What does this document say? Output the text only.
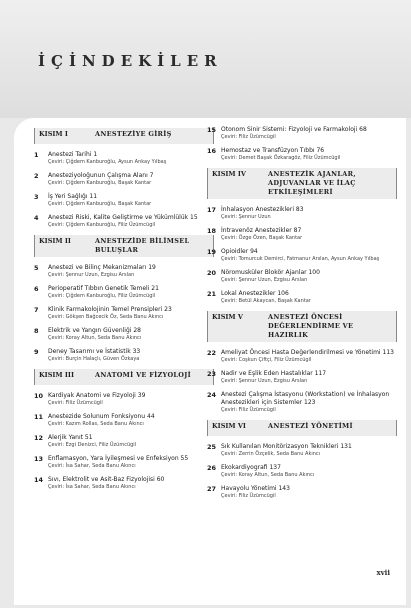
İÇİNDEKİLER
KISIM I	ANESTEZİYE GİRİŞ
1	Anestezi Tarihi 1
Çeviri: Çiğdem Kanburoğlu, Aysun Ankay Yılbaş
2	Anesteziyoloğunun Çalışma Alanı 7
Çeviri: Çiğdem Kanburoğlu, Başak Kantar
3	İş Yeri Sağlığı 11
Çeviri: Çiğdem Kanburoğlu, Başak Kantar
4	Anestezi Riski, Kalite Geliştirme ve Yükümlülük 15
Çeviri: Çiğdem Kanburoğlu, Filiz Üzümcügil
KISIM II	ANESTEZİDE BİLİMSEL BULUŞLAR
5	Anestezi ve Bilinç Mekanizmaları 19
Çeviri: Şennur Uzun, Ezgisu Arslan
6	Perioperatif Tıbbın Genetik Temeli 21
Çeviri: Çiğdem Kanburoğlu, Filiz Üzümcügil
7	Klinik Farmakolojinin Temel Prensipleri 23
Çeviri: Gökşen Bağcecik Öz, Seda Banu Akıncı
8	Elektrik ve Yangın Güvenliği 28
Çeviri: Koray Altun, Seda Banu Akıncı
9	Deney Tasarımı ve İstatistik 33
Çeviri: Burçin Halaçlı, Güven Özkaya
KISIM III	ANATOMİ VE FİZYOLOJİ
10 Kardiyak Anatomi ve Fizyoloji 39
Çeviri: Filiz Üzümcügil
11 Anestezide Solunum Fonksiyonu 44
Çeviri: Kazım Rollas, Seda Banu Akıncı
12 Alerjik Yanıt 51
Çeviri: Ezgi Denizci, Filiz Üzümcügil
13 Enflamasyon, Yara İyileşmesi ve Enfeksiyon 55
Çeviri: İsa Sahar, Seda Banu Akıncı
14 Sıvı, Elektrolit ve Asit-Baz Fizyolojisi 60
Çeviri: İsa Sahar, Seda Banu Akıncı
15 Otonom Sinir Sistemi: Fizyoloji ve Farmakoloji 68
Çeviri: Filiz Üzümcügil
16 Hemostaz ve Transfüzyon Tıbbı 76
Çeviri: Demet Başak Özkaragöz, Filiz Üzümcügil
KISIM IV	ANESTEZİK AJANLAR, ADJUVANLAR VE İLAÇ ETKİLEŞİMLERİ
17 İnhalasyon Anestezikleri 83
Çeviri: Şennur Uzun
18 İntravenöz Anestezikler 87
Çeviri: Özge Özen, Başak Kantar
19 Opioidler 94
Çeviri: Tomurcuk Demirci, Fatmanur Arslan, Aysun Ankay Yılbaş
20 Nöromusküler Blokör Ajanlar 100
Çeviri: Şennur Uzun, Ezgisu Arslan
21 Lokal Anestezikler 106
Çeviri: Betül Akaycan, Başak Kantar
KISIM V	ANESTEZİ ÖNCESİ DEĞERLENDİRME VE HAZIRLIK
22 Ameliyat Öncesi Hasta Değerlendirilmesi ve Yönetimi 113
Çeviri: Coşkun Çiftçi, Filiz Üzümcügil
23 Nadir ve Eşlik Eden Hastalıklar 117
Çeviri: Şennur Uzun, Ezgisu Arslan
24 Anestezi Çalışma İstasyonu (Workstation) ve İnhalasyon Anestezikleri için Sistemler 123
Çeviri: Filiz Üzümcügil
KISIM VI	ANESTEZİ YÖNETİMİ
25 Sık Kullanılan Monitörizasyon Teknikleri 131
Çeviri: Zerrin Özçelik, Seda Banu Akıncı
26 Ekokardiyografi 137
Çeviri: Koray Altun, Seda Banu Akıncı
27 Havayolu Yönetimi 143
Çeviri: Filiz Üzümcügil
xvii
